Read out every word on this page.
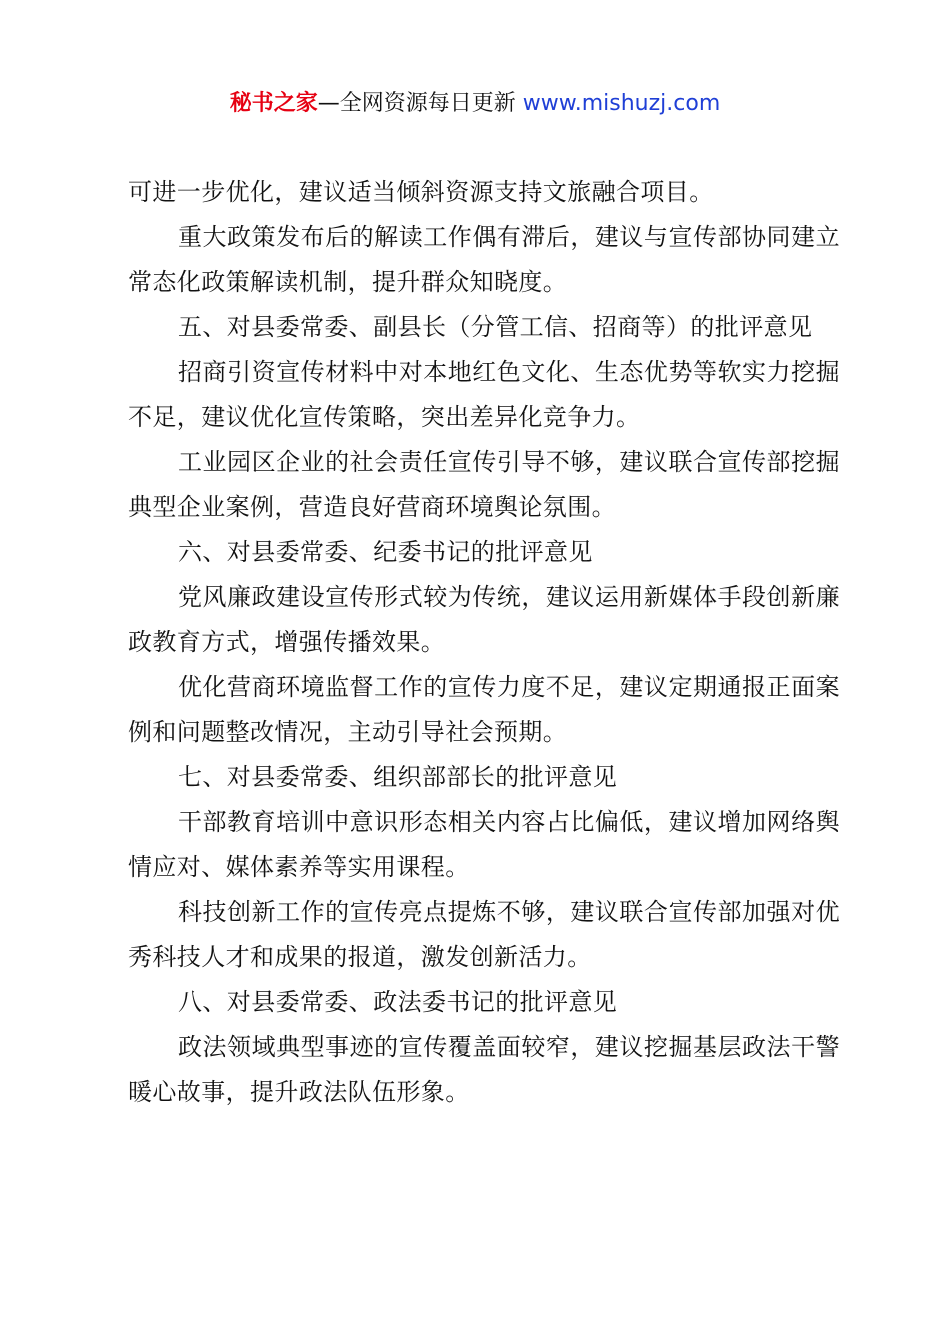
秘书之家—全网资源每日更新 www.mishuzj.com

可进一步优化，建议适当倾斜资源支持文旅融合项目。

重大政策发布后的解读工作偶有滞后，建议与宣传部协同建立常态化政策解读机制，提升群众知晓度。

五、对县委常委、副县长（分管工信、招商等）的批评意见

招商引资宣传材料中对本地红色文化、生态优势等软实力挖掘不足，建议优化宣传策略，突出差异化竞争力。

工业园区企业的社会责任宣传引导不够，建议联合宣传部挖掘典型企业案例，营造良好营商环境舆论氛围。

六、对县委常委、纪委书记的批评意见

党风廉政建设宣传形式较为传统，建议运用新媒体手段创新廉政教育方式，增强传播效果。

优化营商环境监督工作的宣传力度不足，建议定期通报正面案例和问题整改情况，主动引导社会预期。

七、对县委常委、组织部部长的批评意见

干部教育培训中意识形态相关内容占比偏低，建议增加网络舆情应对、媒体素养等实用课程。

科技创新工作的宣传亮点提炼不够，建议联合宣传部加强对优秀科技人才和成果的报道，激发创新活力。

八、对县委常委、政法委书记的批评意见

政法领域典型事迹的宣传覆盖面较窄，建议挖掘基层政法干警暖心故事，提升政法队伍形象。
